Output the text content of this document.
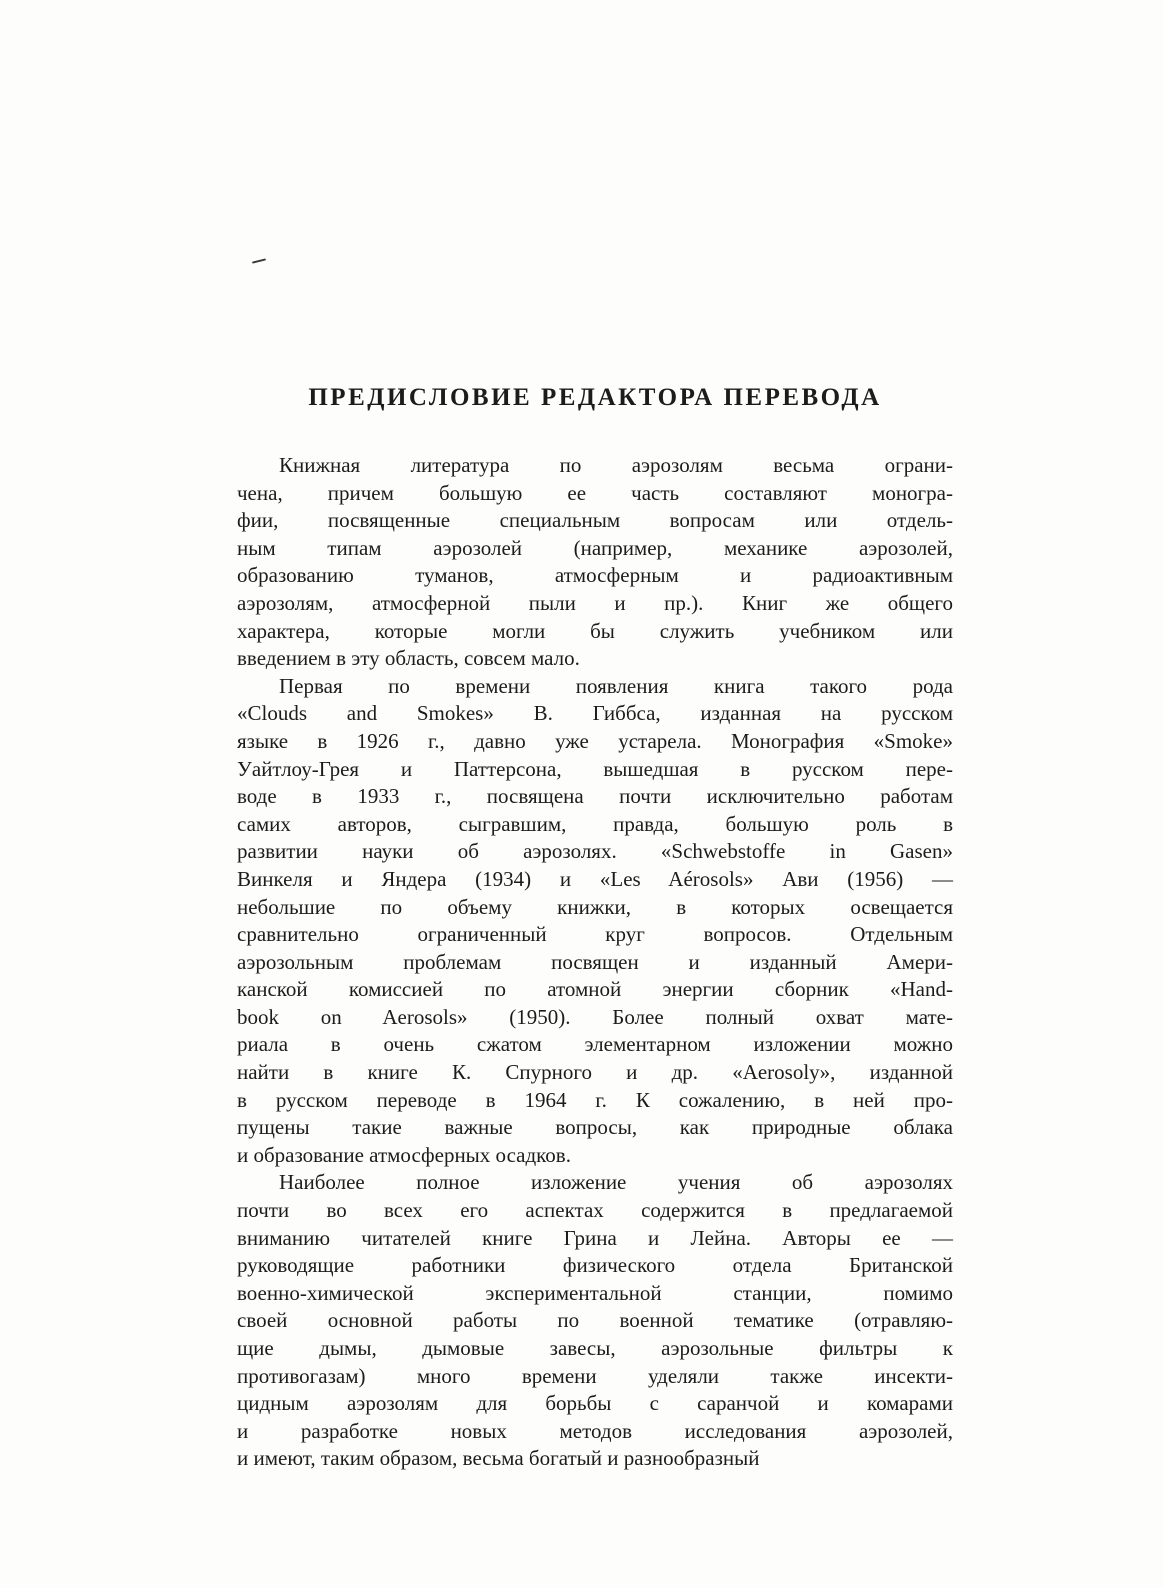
ПРЕДИСЛОВИЕ РЕДАКТОРА ПЕРЕВОДА
Книжная литература по аэрозолям весьма ограни-
чена, причем большую ее часть составляют моногра-
фии, посвященные специальным вопросам или отдель-
ным типам аэрозолей (например, механике аэрозолей,
образованию туманов, атмосферным и радиоактивным
аэрозолям, атмосферной пыли и пр.). Книг же общего
характера, которые могли бы служить учебником или
введением в эту область, совсем мало.
Первая по времени появления книга такого рода
«Clouds and Smokes» В. Гиббса, изданная на русском
языке в 1926 г., давно уже устарела. Монография «Smoke»
Уайтлоу-Грея и Паттерсона, вышедшая в русском пере-
воде в 1933 г., посвящена почти исключительно работам
самих авторов, сыгравшим, правда, большую роль в
развитии науки об аэрозолях. «Schwebstoffe in Gasen»
Винкеля и Яндера (1934) и «Les Aérosols» Ави (1956) —
небольшие по объему книжки, в которых освещается
сравнительно ограниченный круг вопросов. Отдельным
аэрозольным проблемам посвящен и изданный Амери-
канской комиссией по атомной энергии сборник «Hand-
book on Aerosols» (1950). Более полный охват мате-
риала в очень сжатом элементарном изложении можно
найти в книге К. Спурного и др. «Aerosoly», изданной
в русском переводе в 1964 г. К сожалению, в ней про-
пущены такие важные вопросы, как природные облака
и образование атмосферных осадков.
Наиболее полное изложение учения об аэрозолях
почти во всех его аспектах содержится в предлагаемой
вниманию читателей книге Грина и Лейна. Авторы ее —
руководящие работники физического отдела Британской
военно-химической экспериментальной станции, помимо
своей основной работы по военной тематике (отравляю-
щие дымы, дымовые завесы, аэрозольные фильтры к
противогазам) много времени уделяли также инсекти-
цидным аэрозолям для борьбы с саранчой и комарами
и разработке новых методов исследования аэрозолей,
и имеют, таким образом, весьма богатый и разнообразный
